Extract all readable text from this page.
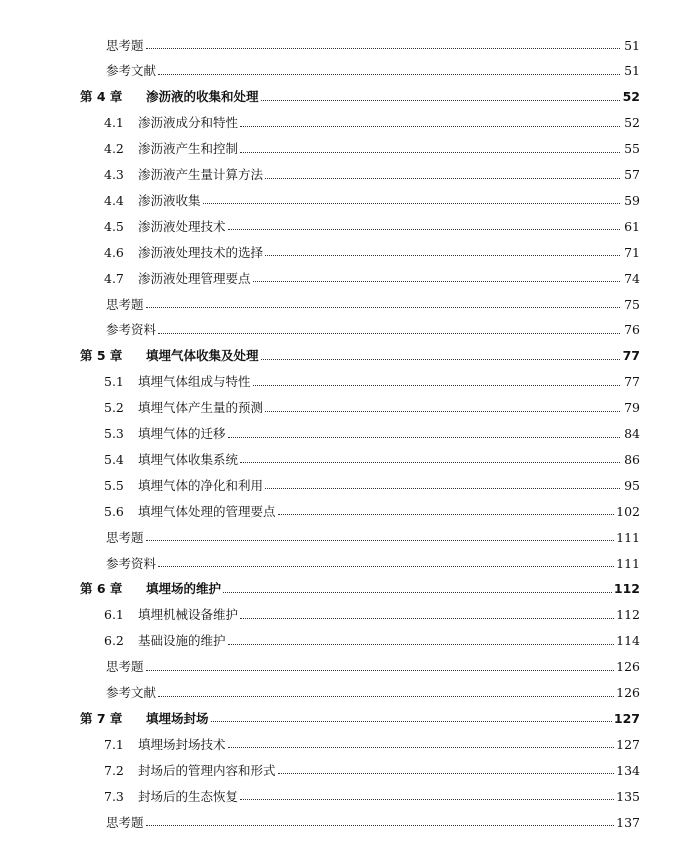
思考题	51
参考文献	51
第 4 章	渗沥液的收集和处理	52
4.1	渗沥液成分和特性	52
4.2	渗沥液产生和控制	55
4.3	渗沥液产生量计算方法	57
4.4	渗沥液收集	59
4.5	渗沥液处理技术	61
4.6	渗沥液处理技术的选择	71
4.7	渗沥液处理管理要点	74
思考题	75
参考资料	76
第 5 章	填埋气体收集及处理	77
5.1	填埋气体组成与特性	77
5.2	填埋气体产生量的预测	79
5.3	填埋气体的迁移	84
5.4	填埋气体收集系统	86
5.5	填埋气体的净化和利用	95
5.6	填埋气体处理的管理要点	102
思考题	111
参考资料	111
第 6 章	填埋场的维护	112
6.1	填埋机械设备维护	112
6.2	基础设施的维护	114
思考题	126
参考文献	126
第 7 章	填埋场封场	127
7.1	填埋场封场技术	127
7.2	封场后的管理内容和形式	134
7.3	封场后的生态恢复	135
思考题	137
